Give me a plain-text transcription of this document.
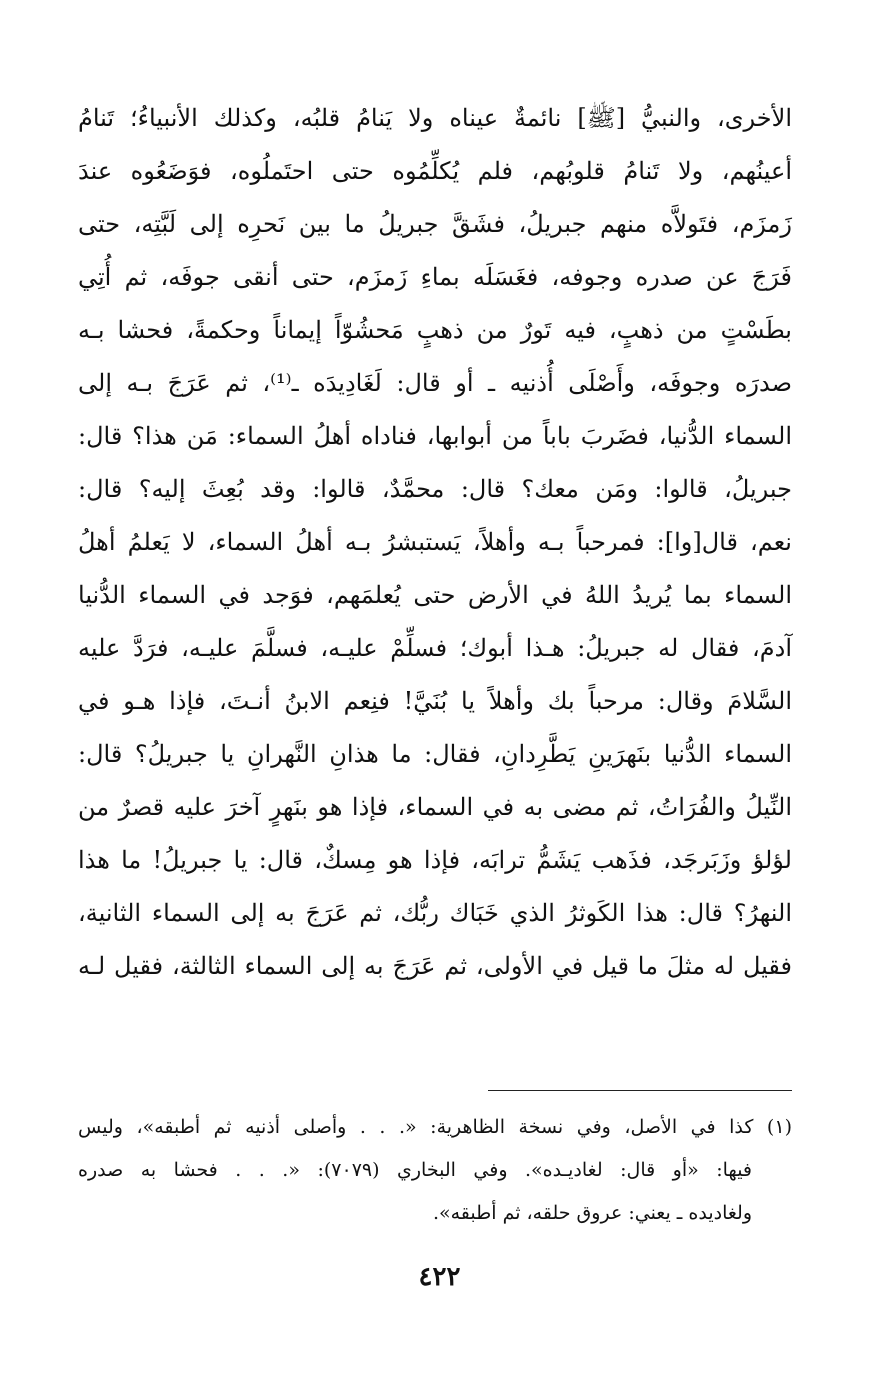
الأخرى، والنبيُّ [ﷺ] نائمةٌ عيناه ولا يَنامُ قلبُه، وكذلك الأنبياءُ؛ تَنامُ
أعينُهم، ولا تَنامُ قلوبُهم، فلم يُكلِّمُوه حتى احتَملُوه، فوَضَعُوه عندَ
زَمزَم، فتَولاَّه منهم جبريلُ، فشَقَّ جبريلُ ما بين نَحرِه إلى لَبَّتِه، حتى
فَرَجَ عن صدره وجوفه، فغَسَلَه بماءِ زَمزَم، حتى أنقى جوفَه، ثم أُتِي
بطَسْتٍ من ذهبٍ، فيه تَورٌ من ذهبٍ مَحشُوّاً إيماناً وحكمةً، فحشا بـه
صدرَه وجوفَه، وأَصْلَى أُذنيه ـ أو قال: لَغَادِيدَه ـ⁽¹⁾، ثم عَرَجَ بـه إلى
السماء الدُّنيا، فضَربَ باباً من أبوابها، فناداه أهلُ السماء: مَن هذا؟ قال:
جبريلُ، قالوا: ومَن معك؟ قال: محمَّدٌ، قالوا: وقد بُعِثَ إليه؟ قال:
نعم، قال[وا]: فمرحباً بـه وأهلاً، يَستبشرُ بـه أهلُ السماء، لا يَعلمُ أهلُ
السماء بما يُريدُ اللهُ في الأرض حتى يُعلمَهم، فوَجد في السماء الدُّنيا
آدمَ، فقال له جبريلُ: هـذا أبوك؛ فسلِّمْ عليـه، فسلَّمَ عليـه، فرَدَّ عليه
السَّلامَ وقال: مرحباً بك وأهلاً يا بُنَيَّ! فنِعم الابنُ أنـتَ، فإذا هـو في
السماء الدُّنيا بنَهرَينِ يَطَّرِدانِ، فقال: ما هذانِ النَّهرانِ يا جبريلُ؟ قال:
النِّيلُ والفُرَاتُ، ثم مضى به في السماء، فإذا هو بنَهرٍ آخرَ عليه قصرٌ من
لؤلؤ وزَبَرجَد، فذَهب يَشَمُّ ترابَه، فإذا هو مِسكٌ، قال: يا جبريلُ! ما هذا
النهرُ؟ قال: هذا الكَوثرُ الذي خَبَاك ربُّك، ثم عَرَجَ به إلى السماء الثانية،
فقيل له مثلَ ما قيل في الأولى، ثم عَرَجَ به إلى السماء الثالثة، فقيل لـه
(١) كذا في الأصل، وفي نسخة الظاهرية: «. . . وأصلى أذنيه ثم أطبقه»، وليس
فيها: «أو قال: لغاديـده». وفي البخاري (٧٠٧٩): «. . . فحشا به صدره
ولغاديده ـ يعني: عروق حلقه، ثم أطبقه».
٤٢٢
